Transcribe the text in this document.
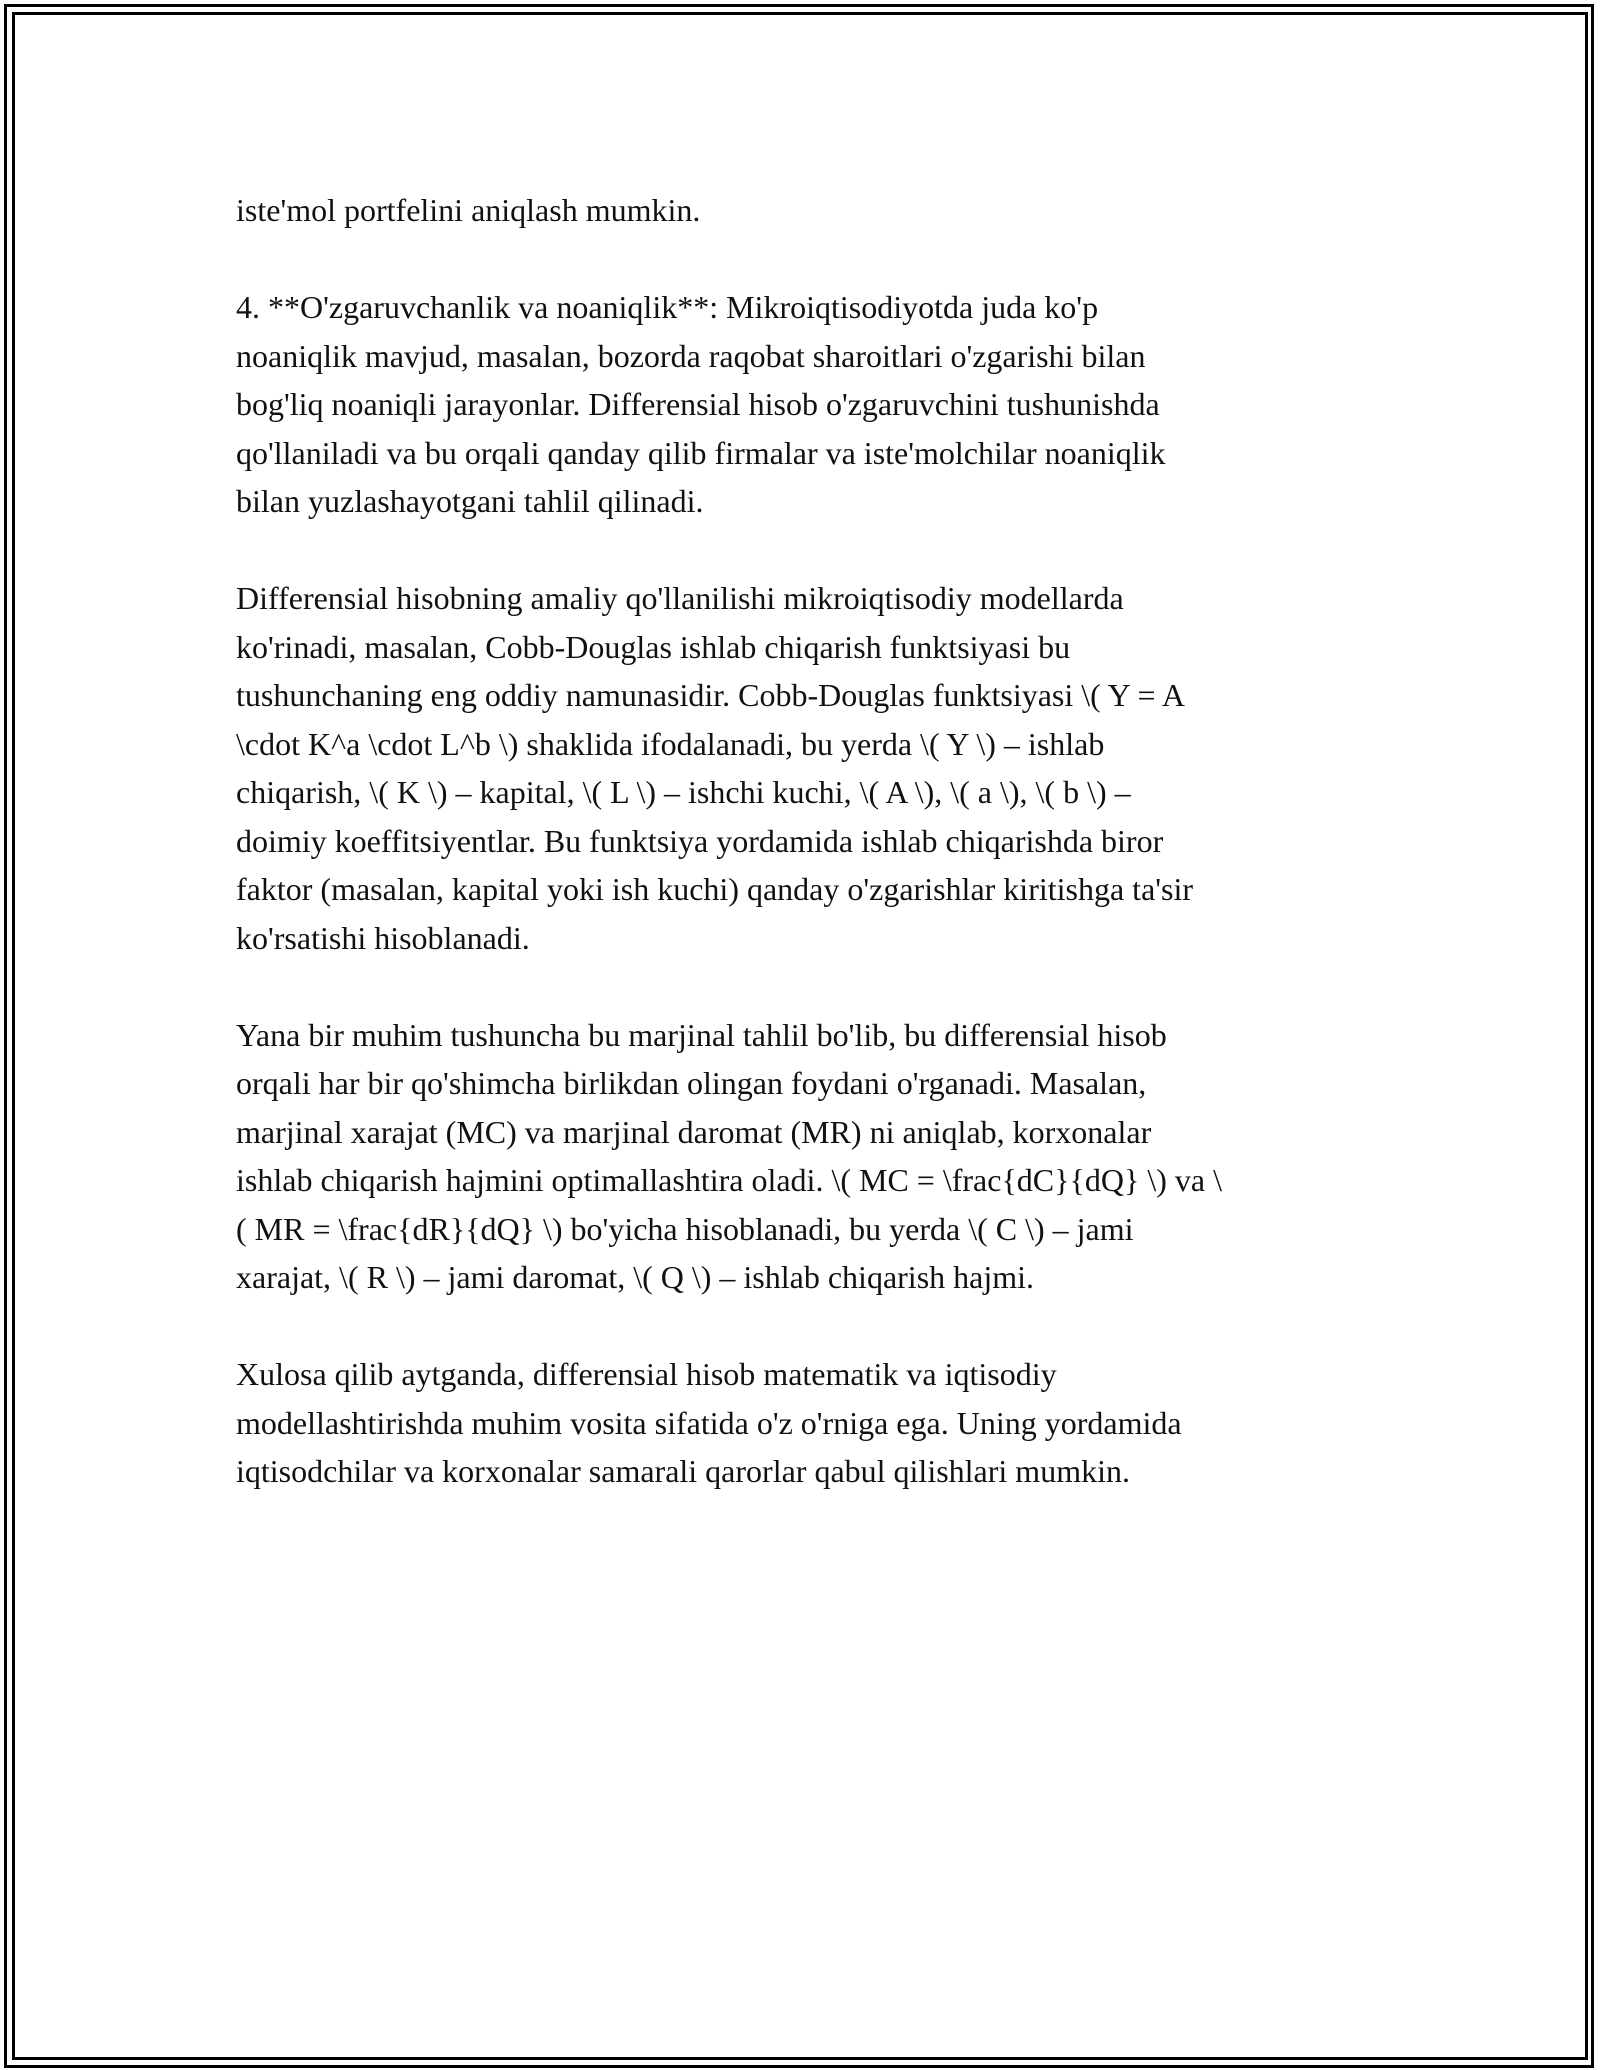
iste'mol portfelini aniqlash mumkin.

4. **O'zgaruvchanlik va noaniqlik**: Mikroiqtisodiyotda juda ko'p
noaniqlik mavjud, masalan, bozorda raqobat sharoitlari o'zgarishi bilan
bog'liq noaniqli jarayonlar. Differensial hisob o'zgaruvchini tushunishda
qo'llaniladi va bu orqali qanday qilib firmalar va iste'molchilar noaniqlik
bilan yuzlashayotgani tahlil qilinadi.

Differensial hisobning amaliy qo'llanilishi mikroiqtisodiy modellarda
ko'rinadi, masalan, Cobb-Douglas ishlab chiqarish funktsiyasi bu
tushunchaning eng oddiy namunasidir. Cobb-Douglas funktsiyasi \( Y = A
\cdot K^a \cdot L^b \) shaklida ifodalanadi, bu yerda \( Y \) – ishlab
chiqarish, \( K \) – kapital, \( L \) – ishchi kuchi, \( A \), \( a \), \( b \) –
doimiy koeffitsiyentlar. Bu funktsiya yordamida ishlab chiqarishda biror
faktor (masalan, kapital yoki ish kuchi) qanday o'zgarishlar kiritishga ta'sir
ko'rsatishi hisoblanadi.

Yana bir muhim tushuncha bu marjinal tahlil bo'lib, bu differensial hisob
orqali har bir qo'shimcha birlikdan olingan foydani o'rganadi. Masalan,
marjinal xarajat (MC) va marjinal daromat (MR) ni aniqlab, korxonalar
ishlab chiqarish hajmini optimallashtira oladi. \( MC = \frac{dC}{dQ} \) va \
( MR = \frac{dR}{dQ} \) bo'yicha hisoblanadi, bu yerda \( C \) – jami
xarajat, \( R \) – jami daromat, \( Q \) – ishlab chiqarish hajmi.

Xulosa qilib aytganda, differensial hisob matematik va iqtisodiy
modellashtirishda muhim vosita sifatida o'z o'rniga ega. Uning yordamida
iqtisodchilar va korxonalar samarali qarorlar qabul qilishlari mumkin.
